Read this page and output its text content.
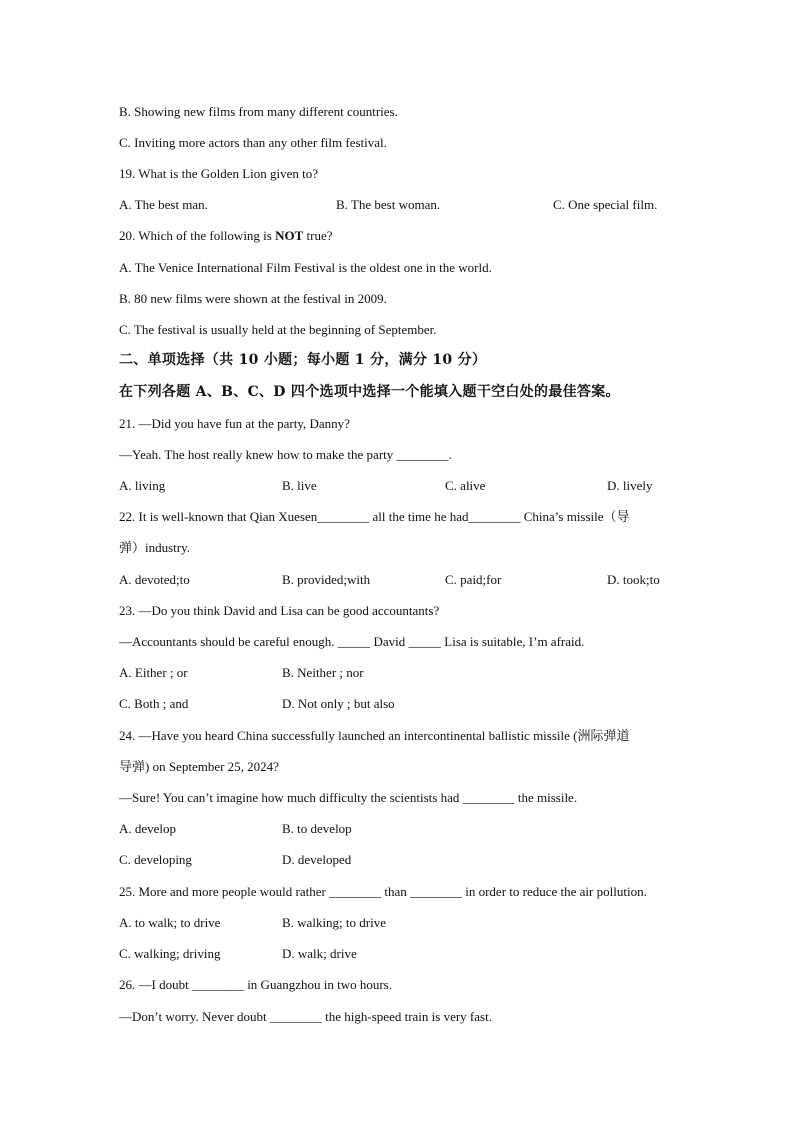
B. Showing new films from many different countries.
C. Inviting more actors than any other film festival.
19. What is the Golden Lion given to?
A. The best man.	B. The best woman.	C. One special film.
20. Which of the following is NOT true?
A. The Venice International Film Festival is the oldest one in the world.
B. 80 new films were shown at the festival in 2009.
C. The festival is usually held at the beginning of September.
二、单项选择（共 10 小题；每小题 1 分，满分 10 分）
在下列各题 A、B、C、D 四个选项中选择一个能填入题干空白处的最佳答案。
21. —Did you have fun at the party, Danny?
—Yeah. The host really knew how to make the party ________.
A. living	B. live	C. alive	D. lively
22. It is well-known that Qian Xuesen________ all the time he had________ China’s missile（导
弹）industry.
A. devoted;to	B. provided;with	C. paid;for	D. took;to
23. —Do you think David and Lisa can be good accountants?
—Accountants should be careful enough. _____ David _____ Lisa is suitable, I’m afraid.
A. Either ; or	B. Neither ; nor
C. Both ; and	D. Not only ; but also
24. —Have you heard China successfully launched an intercontinental ballistic missile (洲际弹道
导弹) on September 25, 2024?
—Sure! You can’t imagine how much difficulty the scientists had ________ the missile.
A. develop	B. to develop
C. developing	D. developed
25. More and more people would rather ________ than ________ in order to reduce the air pollution.
A. to walk; to drive	B. walking; to drive
C. walking; driving	D. walk; drive
26. —I doubt ________ in Guangzhou in two hours.
—Don’t worry. Never doubt ________ the high-speed train is very fast.
